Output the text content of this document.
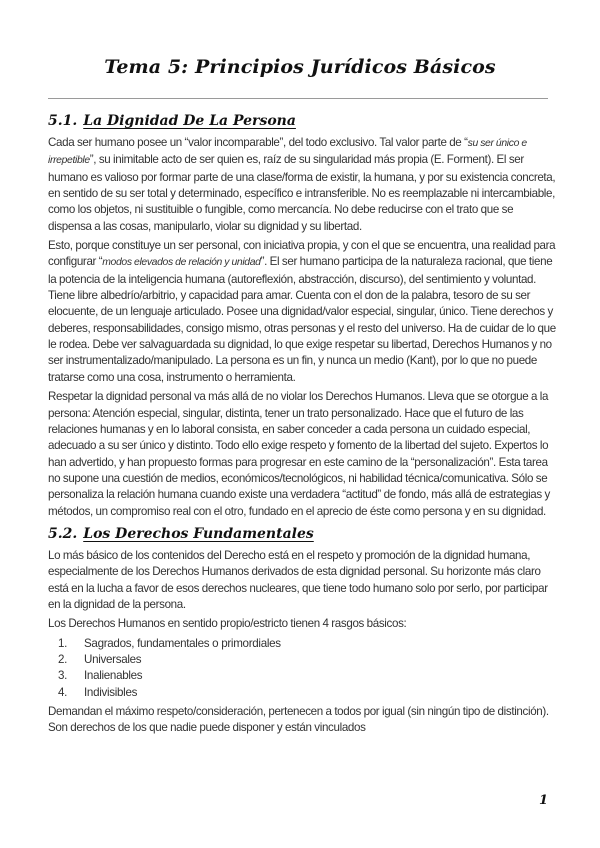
Tema 5: Principios Jurídicos Básicos
5.1. La Dignidad De La Persona

Cada ser humano posee un “valor incomparable”, del todo exclusivo. Tal valor parte de “su ser único e irrepetible”, su inimitable acto de ser quien es, raíz de su singularidad más propia (E. Forment). El ser humano es valioso por formar parte de una clase/forma de existir, la humana, y por su existencia concreta, en sentido de su ser total y determinado, específico e intransferible. No es reemplazable ni intercambiable, como los objetos, ni sustituible o fungible, como mercancía. No debe reducirse con el trato que se dispensa a las cosas, manipularlo, violar su dignidad y su libertad.

Esto, porque constituye un ser personal, con iniciativa propia, y con el que se encuentra, una realidad para configurar “modos elevados de relación y unidad”. El ser humano participa de la naturaleza racional, que tiene la potencia de la inteligencia humana (autoreflexión, abstracción, discurso), del sentimiento y voluntad. Tiene libre albedrío/arbitrio, y capacidad para amar. Cuenta con el don de la palabra, tesoro de su ser elocuente, de un lenguaje articulado. Posee una dignidad/valor especial, singular, único. Tiene derechos y deberes, responsabilidades, consigo mismo, otras personas y el resto del universo. Ha de cuidar de lo que le rodea. Debe ver salvaguardada su dignidad, lo que exige respetar su libertad, Derechos Humanos y no ser instrumentalizado/manipulado. La persona es un fin, y nunca un medio (Kant), por lo que no puede tratarse como una cosa, instrumento o herramienta.

Respetar la dignidad personal va más allá de no violar los Derechos Humanos. Lleva que se otorgue a la persona: Atención especial, singular, distinta, tener un trato personalizado. Hace que el futuro de las relaciones humanas y en lo laboral consista, en saber conceder a cada persona un cuidado especial, adecuado a su ser único y distinto. Todo ello exige respeto y fomento de la libertad del sujeto. Expertos lo han advertido, y han propuesto formas para progresar en este camino de la “personalización”. Esta tarea no supone una cuestión de medios, económicos/tecnológicos, ni habilidad técnica/comunicativa. Sólo se personaliza la relación humana cuando existe una verdadera “actitud” de fondo, más allá de estrategias y métodos, un compromiso real con el otro, fundado en el aprecio de éste como persona y en su dignidad.

5.2. Los Derechos Fundamentales

Lo más básico de los contenidos del Derecho está en el respeto y promoción de la dignidad humana, especialmente de los Derechos Humanos derivados de esta dignidad personal. Su horizonte más claro está en la lucha a favor de esos derechos nucleares, que tiene todo humano solo por serlo, por participar en la dignidad de la persona.

Los Derechos Humanos en sentido propio/estricto tienen 4 rasgos básicos:

1. Sagrados, fundamentales o primordiales
2. Universales
3. Inalienables
4. Indivisibles

Demandan el máximo respeto/consideración, pertenecen a todos por igual (sin ningún tipo de distinción). Son derechos de los que nadie puede disponer y están vinculados

1
